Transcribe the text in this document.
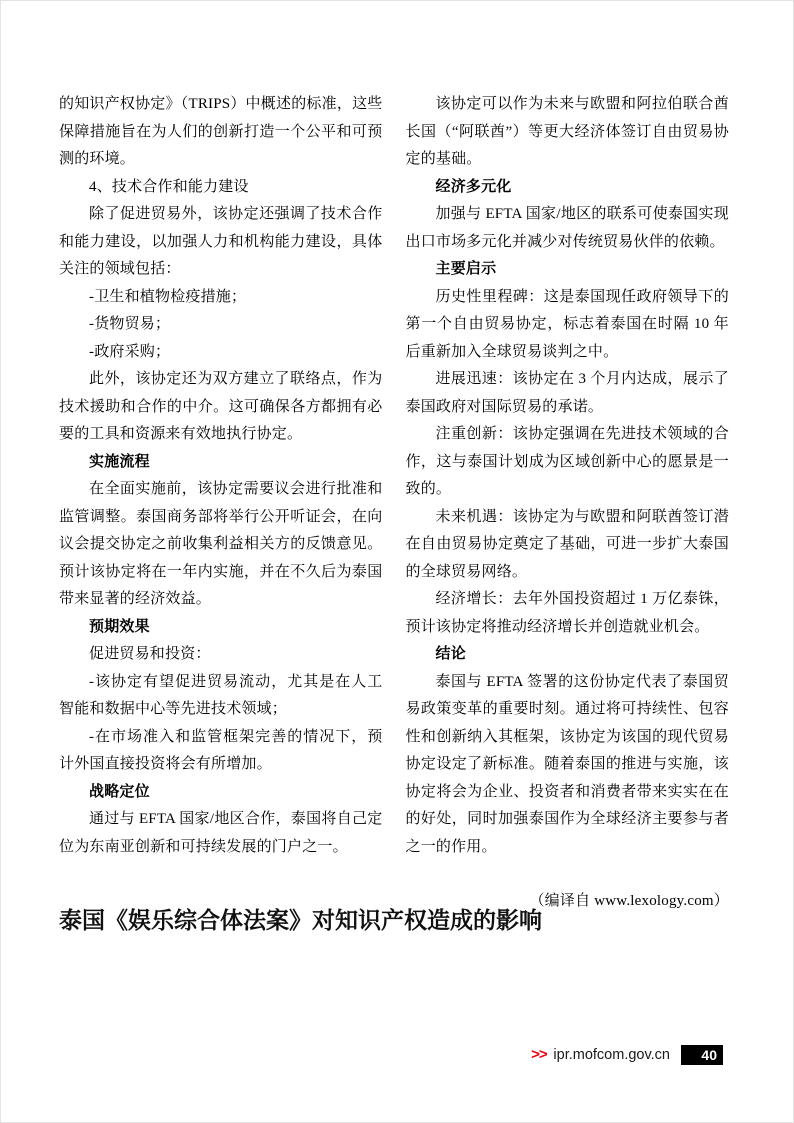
的知识产权协定》（TRIPS）中概述的标准，这些保障措施旨在为人们的创新打造一个公平和可预测的环境。

4、技术合作和能力建设

除了促进贸易外，该协定还强调了技术合作和能力建设，以加强人力和机构能力建设，具体关注的领域包括：

-卫生和植物检疫措施；

-货物贸易；

-政府采购；

此外，该协定还为双方建立了联络点，作为技术援助和合作的中介。这可确保各方都拥有必要的工具和资源来有效地执行协定。

实施流程

在全面实施前，该协定需要议会进行批准和监管调整。泰国商务部将举行公开听证会，在向议会提交协定之前收集利益相关方的反馈意见。预计该协定将在一年内实施，并在不久后为泰国带来显著的经济效益。

预期效果

促进贸易和投资：

-该协定有望促进贸易流动，尤其是在人工智能和数据中心等先进技术领域；

-在市场准入和监管框架完善的情况下，预计外国直接投资将会有所增加。

战略定位

通过与 EFTA 国家/地区合作，泰国将自己定位为东南亚创新和可持续发展的门户之一。

该协定可以作为未来与欧盟和阿拉伯联合酋长国（“阿联酋”）等更大经济体签订自由贸易协定的基础。

经济多元化

加强与 EFTA 国家/地区的联系可使泰国实现出口市场多元化并减少对传统贸易伙伴的依赖。

主要启示

历史性里程碑：这是泰国现任政府领导下的第一个自由贸易协定，标志着泰国在时隔 10 年后重新加入全球贸易谈判之中。

进展迅速：该协定在 3 个月内达成，展示了泰国政府对国际贸易的承诺。

注重创新：该协定强调在先进技术领域的合作，这与泰国计划成为区域创新中心的愿景是一致的。

未来机遇：该协定为与欧盟和阿联酋签订潜在自由贸易协定奠定了基础，可进一步扩大泰国的全球贸易网络。

经济增长：去年外国投资超过 1 万亿泰铢，预计该协定将推动经济增长并创造就业机会。

结论

泰国与 EFTA 签署的这份协定代表了泰国贸易政策变革的重要时刻。通过将可持续性、包容性和创新纳入其框架，该协定为该国的现代贸易协定设定了新标准。随着泰国的推进与实施，该协定将会为企业、投资者和消费者带来实实在在的好处，同时加强泰国作为全球经济主要参与者之一的作用。

（编译自 www.lexology.com）

泰国《娱乐综合体法案》对知识产权造成的影响
>> ipr.mofcom.gov.cn	40
